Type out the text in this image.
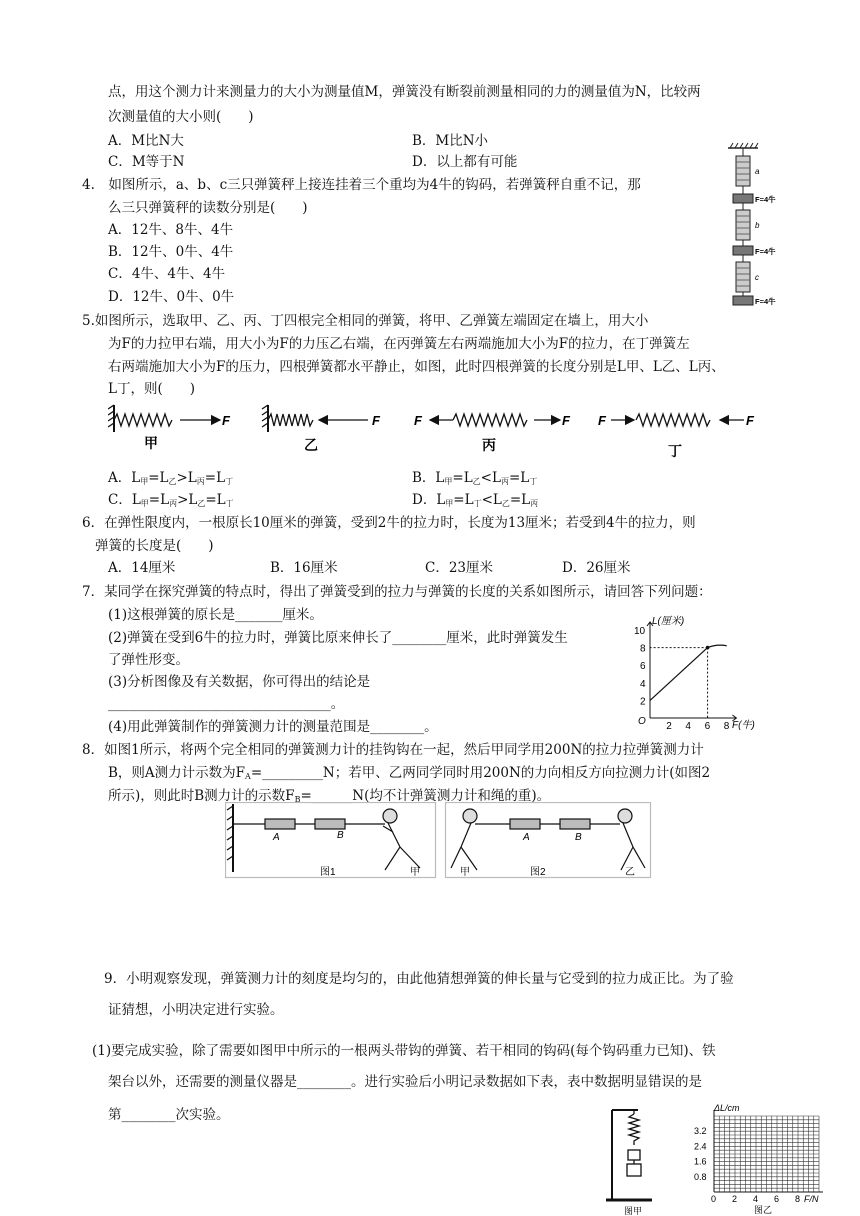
点，用这个测力计来测量力的大小为测量值M，弹簧没有断裂前测量相同的力的测量值为N，比较两
次测量值的大小则(　　)
A．M比N大	B．M比N小
C．M等于N	D．以上都有可能
4.　如图所示，a、b、c三只弹簧秤上接连挂着三个重均为4牛的钩码，若弹簧秤自重不记，那
么三只弹簧秤的读数分别是(　　)
A．12牛、8牛、4牛
B．12牛、0牛、4牛
C．4牛、4牛、4牛
D．12牛、0牛、0牛
a
b
c
F=4牛
F=4牛
F=4牛
5.如图所示，选取甲、乙、丙、丁四根完全相同的弹簧，将甲、乙弹簧左端固定在墙上，用大小
为F的力拉甲右端，用大小为F的力压乙右端，在丙弹簧左右两端施加大小为F的拉力，在丁弹簧左
右两端施加大小为F的压力，四根弹簧都水平静止，如图，此时四根弹簧的长度分别是L甲、L乙、L丙、
L丁，则(　　)
F	F	F	F F	F
甲	乙	丙	丁
A．$L_甲=L_乙>L_丙=L_丁$	B．$L_甲=L_乙<L_丙=L_丁$
C．$L_甲=L_丙>L_乙=L_丁$	D．$L_甲=L_丁<L_乙=L_丙$
6．在弹性限度内，一根原长10厘米的弹簧，受到2牛的拉力时，长度为13厘米；若受到4牛的拉力，则
弹簧的长度是(　　)
A．14厘米	B．16厘米	C．23厘米	D．26厘米
7．某同学在探究弹簧的特点时，得出了弹簧受到的拉力与弹簧的长度的关系如图所示，请回答下列问题：
(1)这根弹簧的原长是_______厘米。
(2)弹簧在受到6牛的拉力时，弹簧比原来伸长了________厘米，此时弹簧发生
了弹性形变。
(3)分析图像及有关数据，你可得出的结论是
_________________________________。
(4)用此弹簧制作的弹簧测力计的测量范围是________。
L(厘米)
F(牛)
O 2 4 6 8
2
4
6
8
10
8．如图1所示，将两个完全相同的弹簧测力计的挂钩钩在一起，然后甲同学用200N的拉力拉弹簧测力计
B，则A测力计示数为$F_A=\_\_\_\_\_\_\_\_\_N$；若甲、乙两同学同时用200N的力向相反方向拉测力计(如图2
所示)，则此时B测力计的示数$F_B=\_\_\_\_\_\_N$(均不计弹簧测力计和绳的重)。
A	B	A	B
图1	甲	甲	图2	乙
9．小明观察发现，弹簧测力计的刻度是均匀的，由此他猜想弹簧的伸长量与它受到的拉力成正比。为了验
证猜想，小明决定进行实验。
(1)要完成实验，除了需要如图甲中所示的一根两头带钩的弹簧、若干相同的钩码(每个钩码重力已知)、铁
架台以外，还需要的测量仪器是________。进行实验后小明记录数据如下表，表中数据明显错误的是
第________次实验。
图甲
ΔL/cm
F/N
图乙
0 2 4 6 8
0.8
1.6
2.4
3.2
